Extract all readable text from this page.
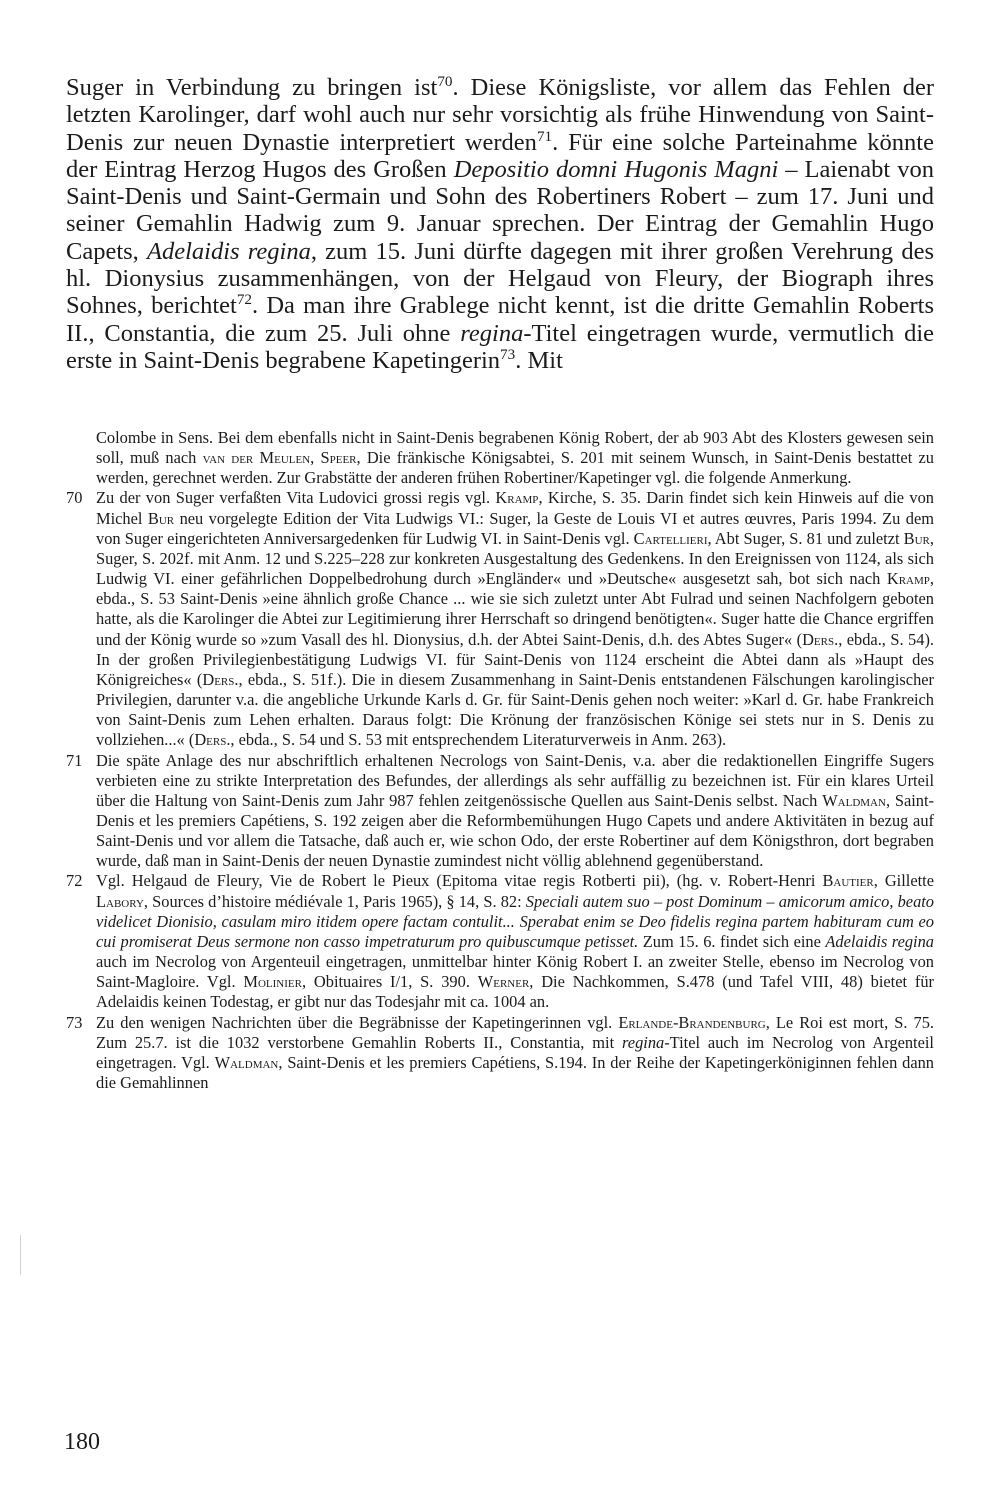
Suger in Verbindung zu bringen ist$^{70}$. Diese Königsliste, vor allem das Fehlen der letzten Karolinger, darf wohl auch nur sehr vorsichtig als frühe Hinwendung von Saint-Denis zur neuen Dynastie interpretiert werden$^{71}$. Für eine solche Parteinahme könnte der Eintrag Herzog Hugos des Großen Depositio domni Hugonis Magni – Laienabt von Saint-Denis und Saint-Germain und Sohn des Robertiners Robert – zum 17. Juni und seiner Gemahlin Hadwig zum 9. Januar sprechen. Der Eintrag der Gemahlin Hugo Capets, Adelaidis regina, zum 15. Juni dürfte dagegen mit ihrer großen Verehrung des hl. Dionysius zusammenhängen, von der Helgaud von Fleury, der Biograph ihres Sohnes, berichtet$^{72}$. Da man ihre Grablege nicht kennt, ist die dritte Gemahlin Roberts II., Constantia, die zum 25. Juli ohne regina-Titel eingetragen wurde, vermutlich die erste in Saint-Denis begrabene Kapetingerin$^{73}$. Mit

Colombe in Sens. Bei dem ebenfalls nicht in Saint-Denis begrabenen König Robert, der ab 903 Abt des Klosters gewesen sein soll, muß nach van der Meulen, Speer, Die fränkische Königsabtei, S. 201 mit seinem Wunsch, in Saint-Denis bestattet zu werden, gerechnet werden. Zur Grabstätte der anderen frühen Robertiner/Kapetinger vgl. die folgende Anmerkung.

70 Zu der von Suger verfaßten Vita Ludovici grossi regis vgl. Kramp, Kirche, S. 35. Darin findet sich kein Hinweis auf die von Michel Bur neu vorgelegte Edition der Vita Ludwigs VI.: Suger, la Geste de Louis VI et autres œuvres, Paris 1994. Zu dem von Suger eingerichteten Anniversargedenken für Ludwig VI. in Saint-Denis vgl. Cartellieri, Abt Suger, S. 81 und zuletzt Bur, Suger, S. 202f. mit Anm. 12 und S.225–228 zur konkreten Ausgestaltung des Gedenkens. In den Ereignissen von 1124, als sich Ludwig VI. einer gefährlichen Doppelbedrohung durch »Engländer« und »Deutsche« ausgesetzt sah, bot sich nach Kramp, ebda., S. 53 Saint-Denis »eine ähnlich große Chance ... wie sie sich zuletzt unter Abt Fulrad und seinen Nachfolgern geboten hatte, als die Karolinger die Abtei zur Legitimierung ihrer Herrschaft so dringend benötigten«. Suger hatte die Chance ergriffen und der König wurde so »zum Vasall des hl. Dionysius, d.h. der Abtei Saint-Denis, d.h. des Abtes Suger« (Ders., ebda., S. 54). In der großen Privilegienbestätigung Ludwigs VI. für Saint-Denis von 1124 erscheint die Abtei dann als »Haupt des Königreiches« (Ders., ebda., S. 51f.). Die in diesem Zusammenhang in Saint-Denis entstandenen Fälschungen karolingischer Privilegien, darunter v.a. die angebliche Urkunde Karls d. Gr. für Saint-Denis gehen noch weiter: »Karl d. Gr. habe Frankreich von Saint-Denis zum Lehen erhalten. Daraus folgt: Die Krönung der französischen Könige sei stets nur in S. Denis zu vollziehen...« (Ders., ebda., S. 54 und S. 53 mit entsprechendem Literaturverweis in Anm. 263).

71 Die späte Anlage des nur abschriftlich erhaltenen Necrologs von Saint-Denis, v.a. aber die redaktionellen Eingriffe Sugers verbieten eine zu strikte Interpretation des Befundes, der allerdings als sehr auffällig zu bezeichnen ist. Für ein klares Urteil über die Haltung von Saint-Denis zum Jahr 987 fehlen zeitgenössische Quellen aus Saint-Denis selbst. Nach Waldman, Saint-Denis et les premiers Capétiens, S. 192 zeigen aber die Reformbemühungen Hugo Capets und andere Aktivitäten in bezug auf Saint-Denis und vor allem die Tatsache, daß auch er, wie schon Odo, der erste Robertiner auf dem Königsthron, dort begraben wurde, daß man in Saint-Denis der neuen Dynastie zumindest nicht völlig ablehnend gegenüberstand.

72 Vgl. Helgaud de Fleury, Vie de Robert le Pieux (Epitoma vitae regis Rotberti pii), (hg. v. Robert-Henri Bautier, Gillette Labory, Sources d’histoire médiévale 1, Paris 1965), § 14, S. 82: Speciali autem suo – post Dominum – amicorum amico, beato videlicet Dionisio, casulam miro itidem opere factam contulit... Sperabat enim se Deo fidelis regina partem habituram cum eo cui promiserat Deus sermone non casso impetraturum pro quibuscumque petisset. Zum 15. 6. findet sich eine Adelaidis regina auch im Necrolog von Argenteuil eingetragen, unmittelbar hinter König Robert I. an zweiter Stelle, ebenso im Necrolog von Saint-Magloire. Vgl. Molinier, Obituaires I/1, S. 390. Werner, Die Nachkommen, S.478 (und Tafel VIII, 48) bietet für Adelaidis keinen Todestag, er gibt nur das Todesjahr mit ca. 1004 an.

73 Zu den wenigen Nachrichten über die Begräbnisse der Kapetingerinnen vgl. Erlande-Brandenburg, Le Roi est mort, S. 75. Zum 25.7. ist die 1032 verstorbene Gemahlin Roberts II., Constantia, mit regina-Titel auch im Necrolog von Argenteil eingetragen. Vgl. Waldman, Saint-Denis et les premiers Capétiens, S.194. In der Reihe der Kapetingerköniginnen fehlen dann die Gemahlinnen

180
